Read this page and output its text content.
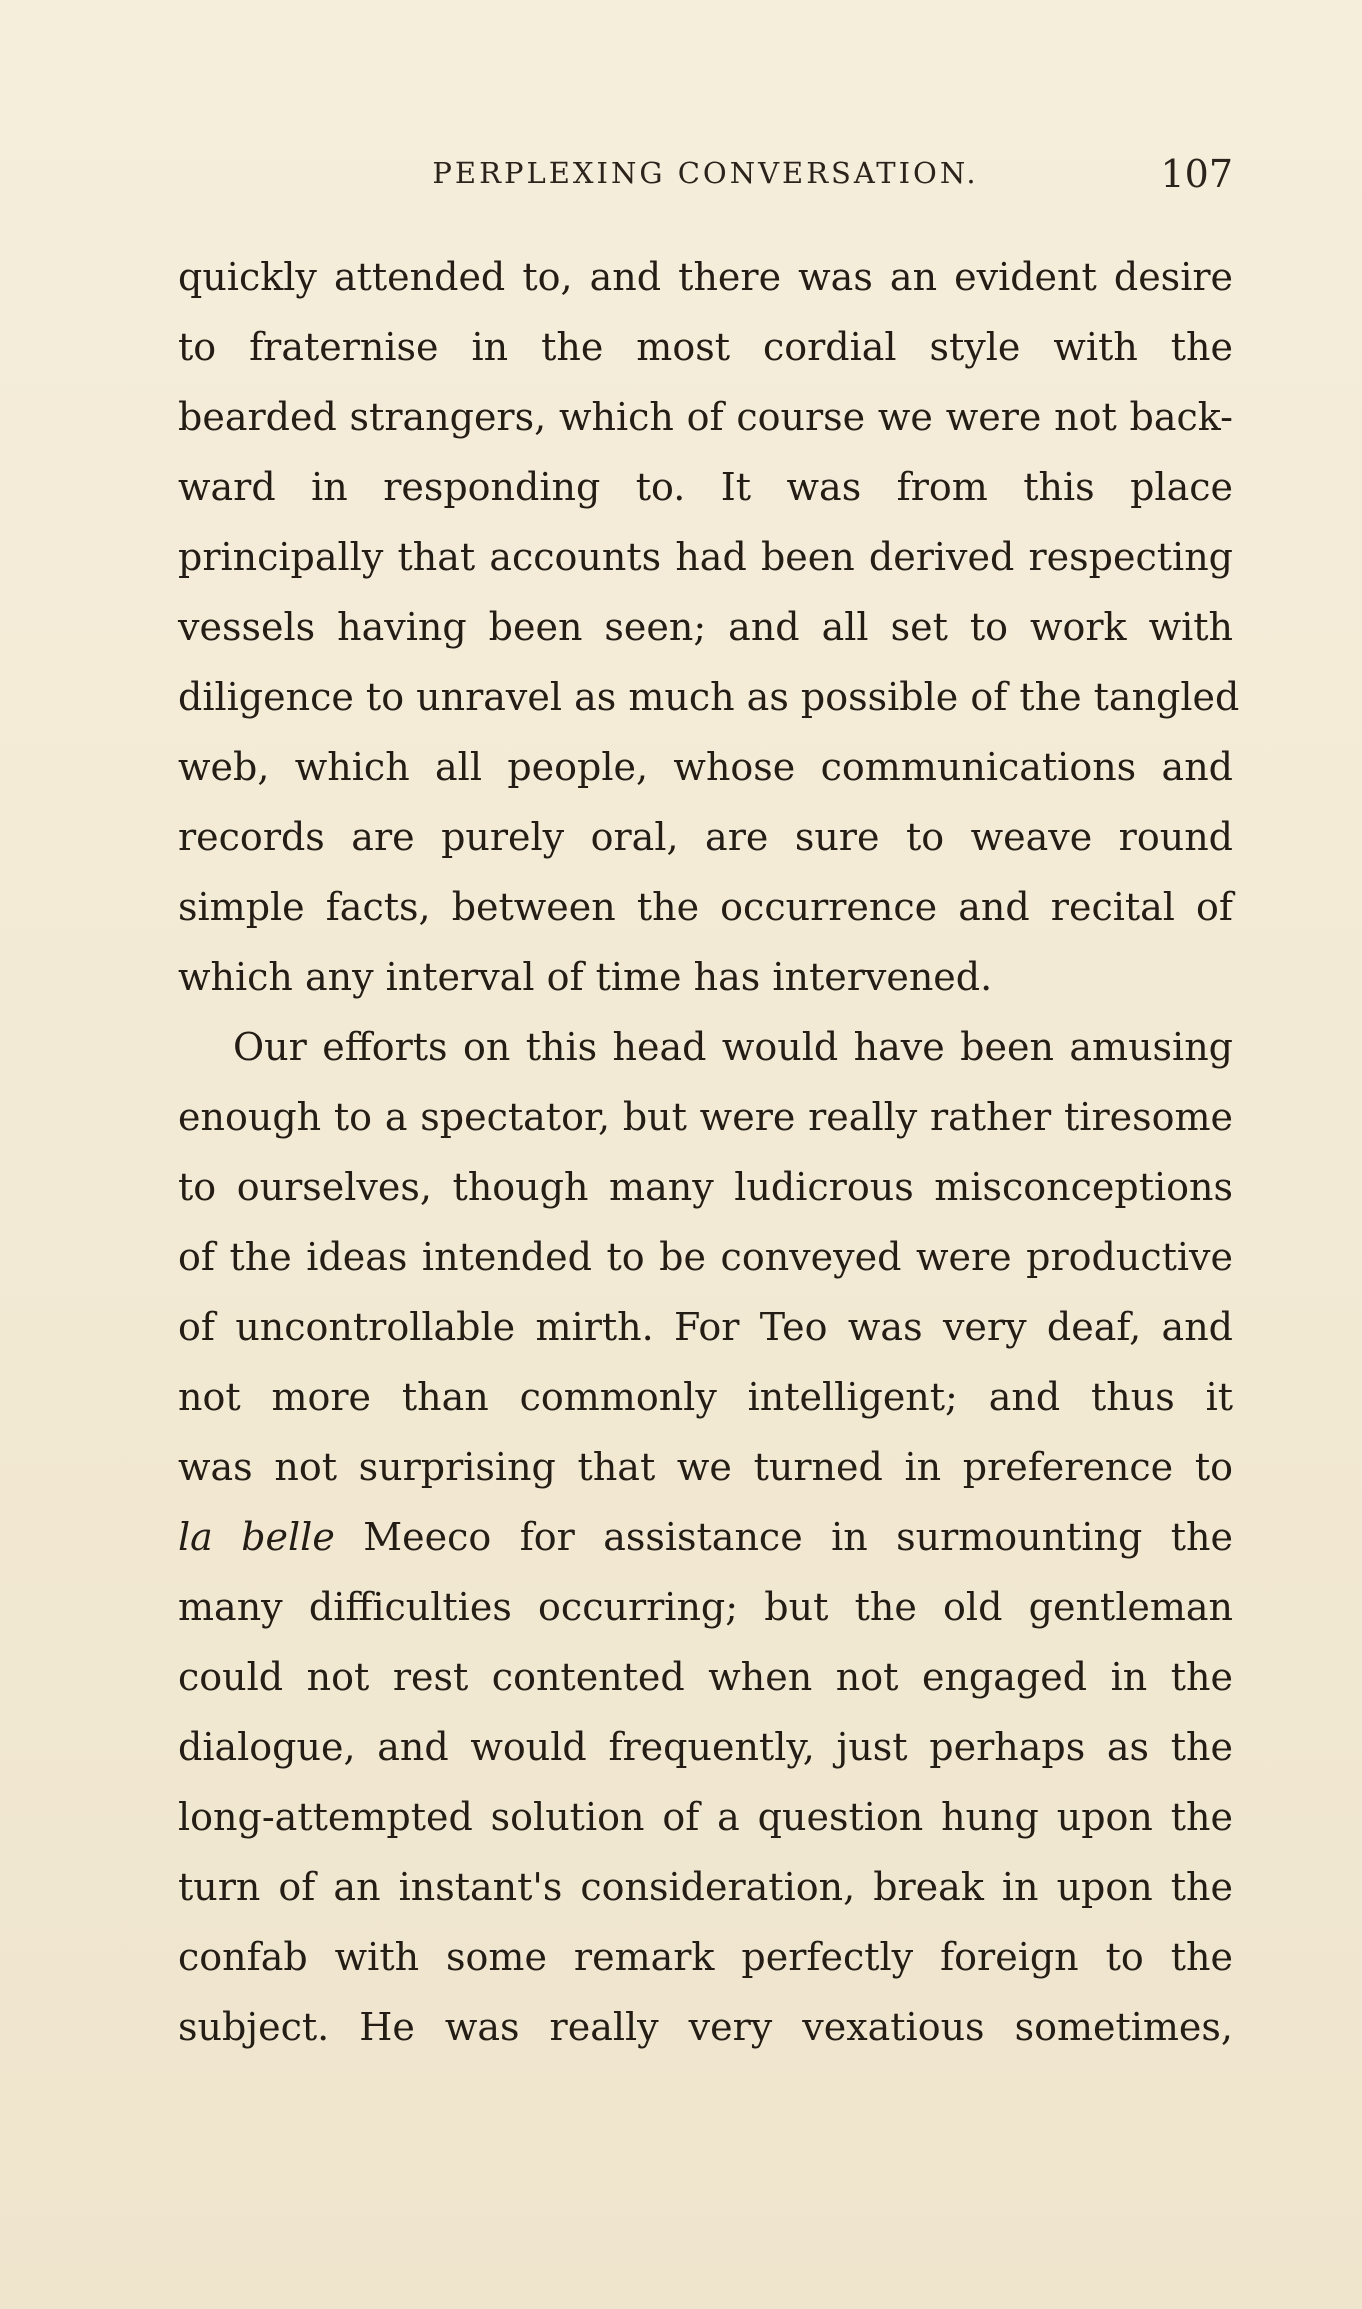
PERPLEXING CONVERSATION.	107
quickly attended to, and there was an evident desire
to fraternise in the most cordial style with the
bearded strangers, which of course we were not back-
ward in responding to. It was from this place
principally that accounts had been derived respecting
vessels having been seen; and all set to work with
diligence to unravel as much as possible of the tangled
web, which all people, whose communications and
records are purely oral, are sure to weave round
simple facts, between the occurrence and recital of
which any interval of time has intervened.
Our efforts on this head would have been amusing
enough to a spectator, but were really rather tiresome
to ourselves, though many ludicrous misconceptions
of the ideas intended to be conveyed were productive
of uncontrollable mirth. For Teo was very deaf, and
not more than commonly intelligent; and thus it
was not surprising that we turned in preference to
la belle Meeco for assistance in surmounting the
many difficulties occurring; but the old gentleman
could not rest contented when not engaged in the
dialogue, and would frequently, just perhaps as the
long-attempted solution of a question hung upon the
turn of an instant's consideration, break in upon the
confab with some remark perfectly foreign to the
subject. He was really very vexatious sometimes,
